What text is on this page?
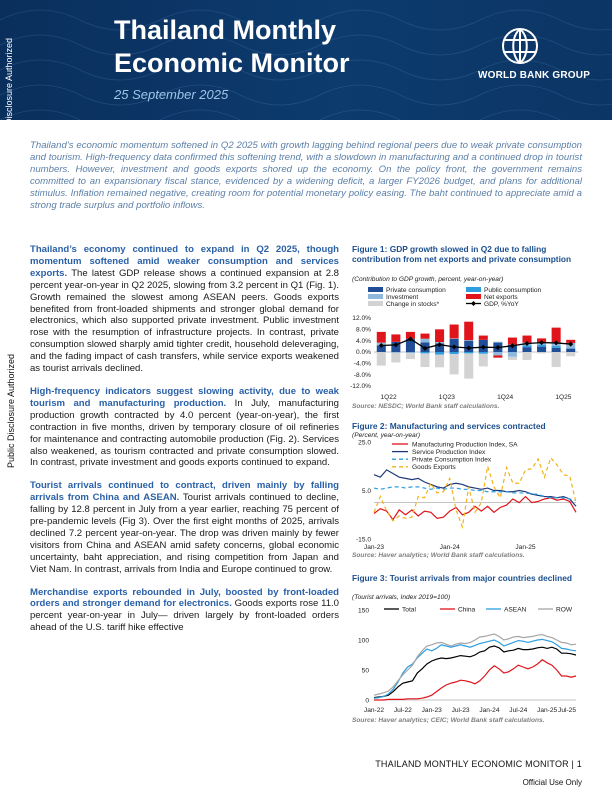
Thailand Monthly
Economic Monitor
25 September 2025
WORLD BANK GROUP
Public Disclosure Authorized
Public Disclosure Authorized
Thailand’s economic momentum softened in Q2 2025 with growth lagging behind regional peers due to weak private consumption and tourism. High-frequency data confirmed this softening trend, with a slowdown in manufacturing and a continued drop in tourist numbers. However, investment and goods exports shored up the economy. On the policy front, the government remains committed to an expansionary fiscal stance, evidenced by a widening deficit, a larger FY2026 budget, and plans for additional stimulus. Inflation remained negative, creating room for potential monetary policy easing. The baht continued to appreciate amid a strong trade surplus and portfolio inflows.

Thailand’s economy continued to expand in Q2 2025, though momentum softened amid weaker consumption and services exports. The latest GDP release shows a continued expansion at 2.8 percent year-on-year in Q2 2025, slowing from 3.2 percent in Q1 (Fig. 1). Growth remained the slowest among ASEAN peers. Goods exports benefited from front-loaded shipments and stronger global demand for electronics, which also supported private investment. Public investment rose with the resumption of infrastructure projects. In contrast, private consumption slowed sharply amid tighter credit, household deleveraging, and the fading impact of cash transfers, while service exports weakened as tourist arrivals declined.

High-frequency indicators suggest slowing activity, due to weak tourism and manufacturing production. In July, manufacturing production growth contracted by 4.0 percent (year-on-year), the first contraction in five months, driven by temporary closure of oil refineries for maintenance and contracting automobile production (Fig. 2). Services also weakened, as tourism contracted and private consumption slowed. In contrast, private investment and goods exports continued to expand.

Tourist arrivals continued to contract, driven mainly by falling arrivals from China and ASEAN. Tourist arrivals continued to decline, falling by 12.8 percent in July from a year earlier, reaching 75 percent of pre-pandemic levels (Fig 3). Over the first eight months of 2025, arrivals declined 7.2 percent year-on-year. The drop was driven mainly by fewer visitors from China and ASEAN amid safety concerns, global economic uncertainty, baht appreciation, and rising competition from Japan and Viet Nam. In contrast, arrivals from India and Europe continued to grow.

Merchandise exports rebounded in July, boosted by front-loaded orders and stronger demand for electronics. Goods exports rose 11.0 percent year-on-year in July— driven largely by front-loaded orders ahead of the U.S. tariff hike effective

Figure 1: GDP growth slowed in Q2 due to falling contribution from net exports and private consumption
(Contribution to GDP growth, percent, year-on-year)
Private consumption	Public consumption
Investment	Net exports
Change in stocks*	GDP, %YoY
12.0%
8.0%
4.0%
0.0%
-4.0%
-8.0%
-12.0%
1Q22	1Q23	1Q24	1Q25
Source: NESDC; World Bank staff calculations.
Figure 2: Manufacturing and services contracted
(Percent, year-on-year)
25.0
5.0
-15.0
Manufacturing Production Index, SA
Service Production Index
Private Consumption Index
Goods Exports
Jan-23	Jan-24	Jan-25
Source: Haver analytics; World Bank staff calculations.
Figure 3: Tourist arrivals from major countries declined
(Tourist arrivals, Index 2019=100)
150
100
50
0
Total	China	ASEAN	ROW
Jan-22 Jul-22 Jan-23 Jul-23 Jan-24 Jul-24 Jan-25 Jul-25
Source: Haver analytics; CEIC; World Bank staff calculations.
THAILAND MONTHLY ECONOMIC MONITOR | 1
Official Use Only
